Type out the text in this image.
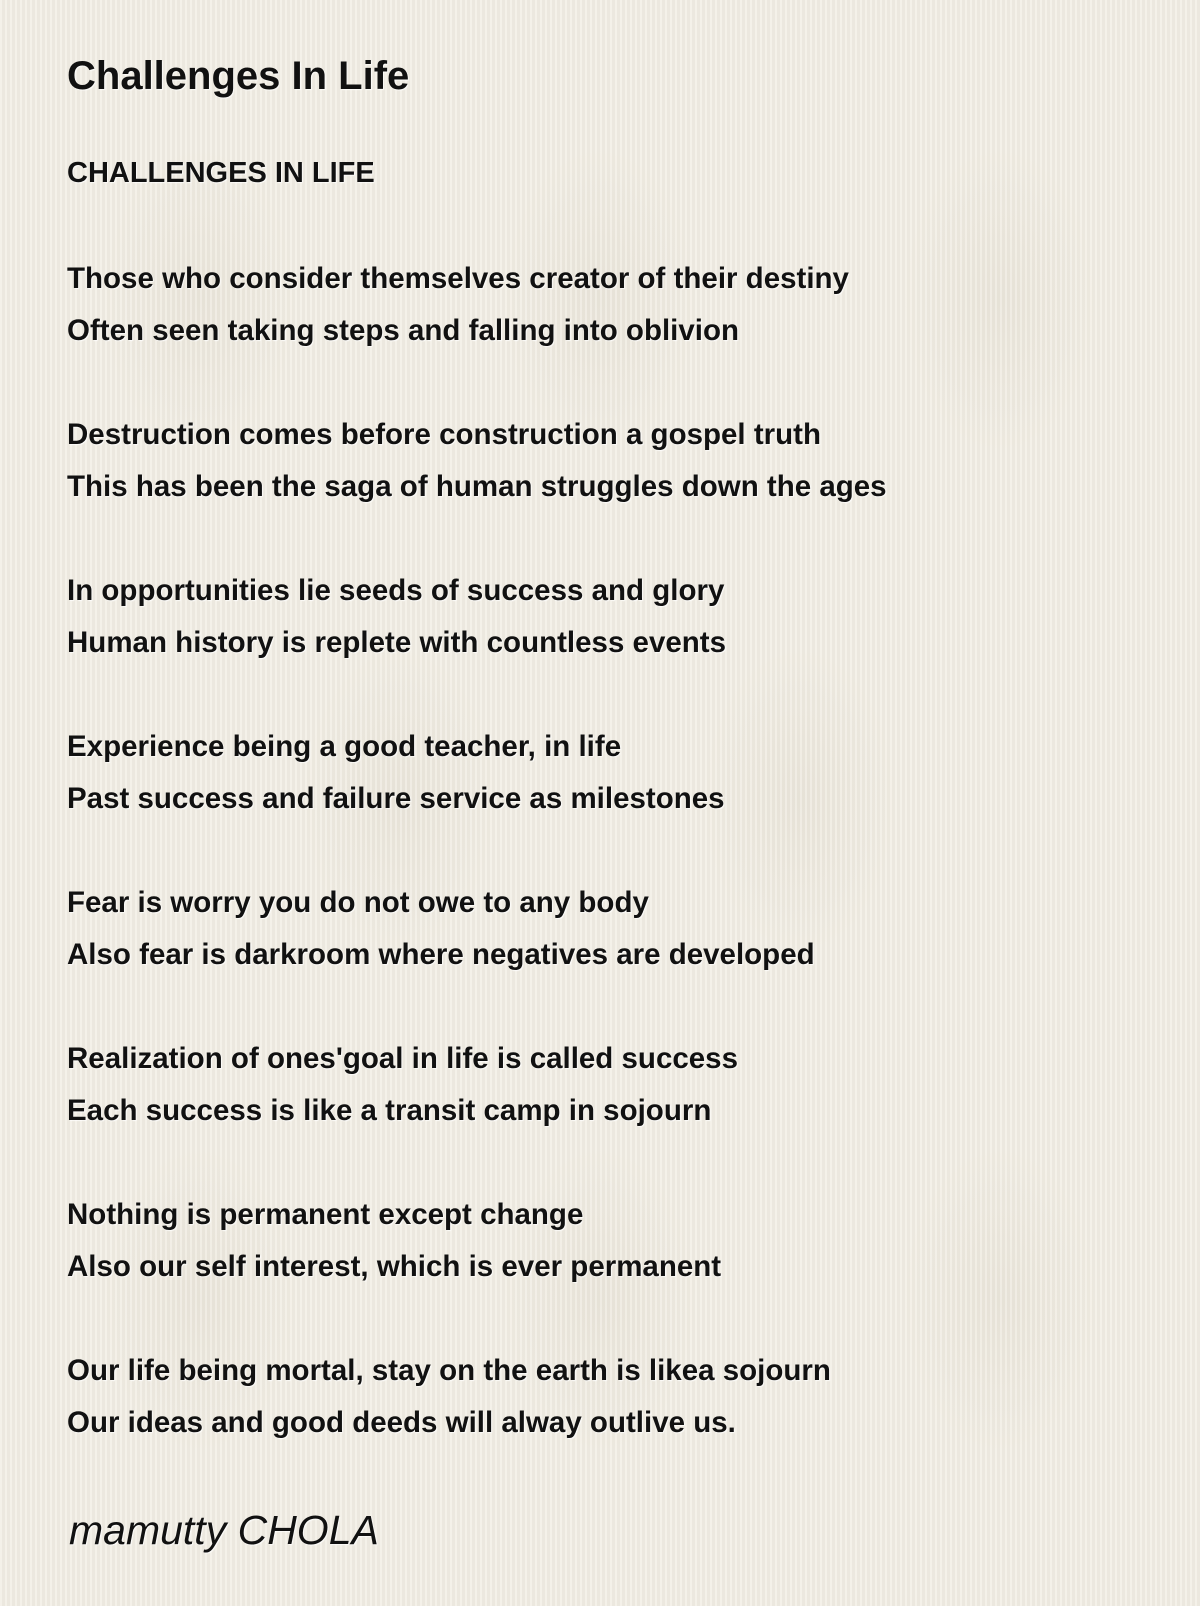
Challenges In Life
CHALLENGES IN LIFE

Those who consider themselves creator of their destiny

Often seen taking steps and falling into oblivion

Destruction comes before construction a gospel truth

This has been the saga of human struggles down the ages

In opportunities lie seeds of success and glory

Human history is replete with countless events

Experience being a good teacher, in life

Past success and failure service as milestones

Fear is worry you do not owe to any body

Also fear is darkroom where negatives are developed

Realization of ones'goal in life is called success

Each success is like a transit camp in sojourn

Nothing is permanent except change

Also our self interest, which is ever permanent

Our life being mortal, stay on the earth is likea sojourn

Our ideas and good deeds will alway outlive us.

mamutty CHOLA
